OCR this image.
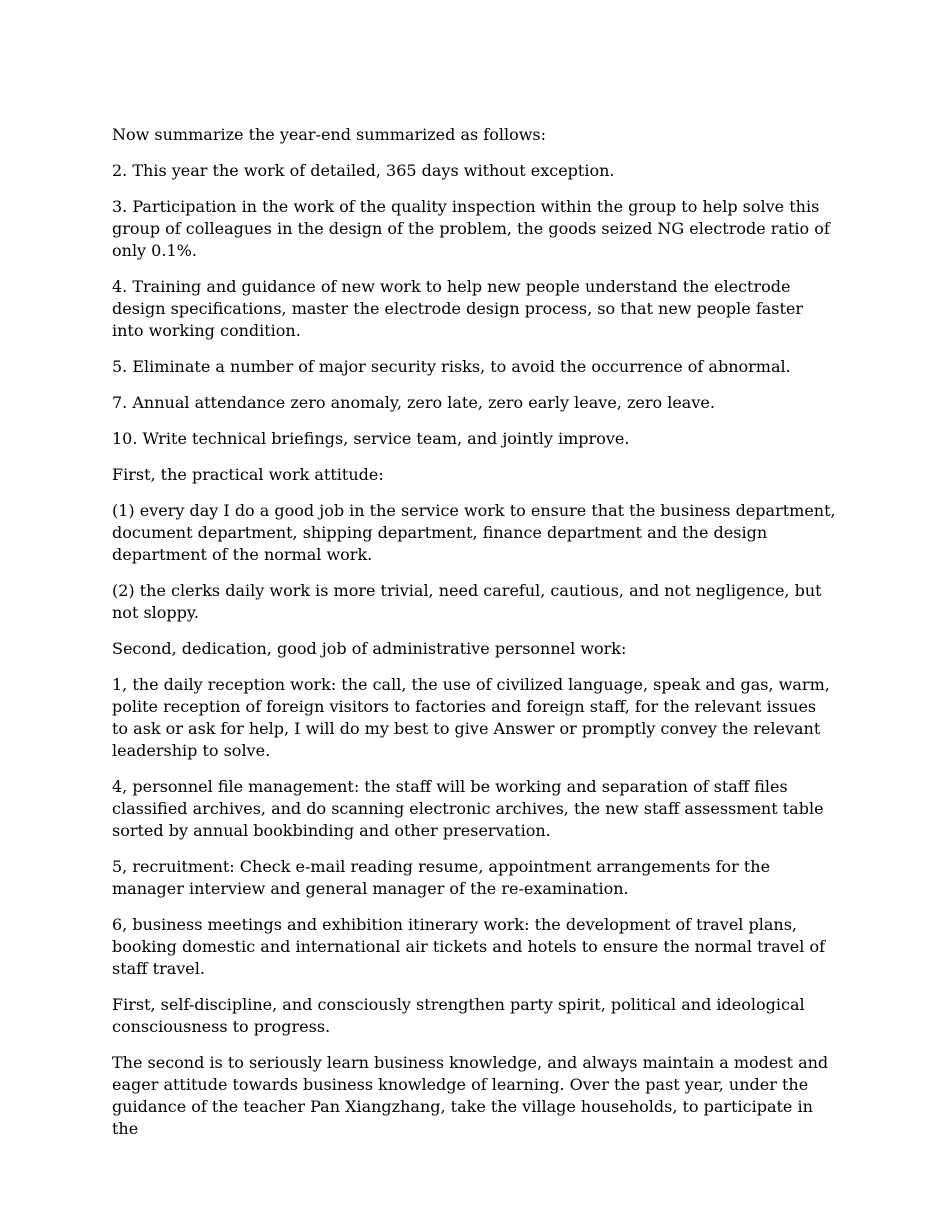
Now summarize the year-end summarized as follows:

2. This year the work of detailed, 365 days without exception.

3. Participation in the work of the quality inspection within the group to help solve this group of colleagues in the design of the problem, the goods seized NG electrode ratio of only 0.1%.

4. Training and guidance of new work to help new people understand the electrode design specifications, master the electrode design process, so that new people faster into working condition.

5. Eliminate a number of major security risks, to avoid the occurrence of abnormal.

7. Annual attendance zero anomaly, zero late, zero early leave, zero leave.

10. Write technical briefings, service team, and jointly improve.

First, the practical work attitude:

(1) every day I do a good job in the service work to ensure that the business department, document department, shipping department, finance department and the design department of the normal work.

(2) the clerks daily work is more trivial, need careful, cautious, and not negligence, but not sloppy.

Second, dedication, good job of administrative personnel work:

1, the daily reception work: the call, the use of civilized language, speak and gas, warm, polite reception of foreign visitors to factories and foreign staff, for the relevant issues to ask or ask for help, I will do my best to give Answer or promptly convey the relevant leadership to solve.

4, personnel file management: the staff will be working and separation of staff files classified archives, and do scanning electronic archives, the new staff assessment table sorted by annual bookbinding and other preservation.

5, recruitment: Check e-mail reading resume, appointment arrangements for the manager interview and general manager of the re-examination.

6, business meetings and exhibition itinerary work: the development of travel plans, booking domestic and international air tickets and hotels to ensure the normal travel of staff travel.

First, self-discipline, and consciously strengthen party spirit, political and ideological consciousness to progress.

The second is to seriously learn business knowledge, and always maintain a modest and eager attitude towards business knowledge of learning. Over the past year, under the guidance of the teacher Pan Xiangzhang, take the village households, to participate in the
